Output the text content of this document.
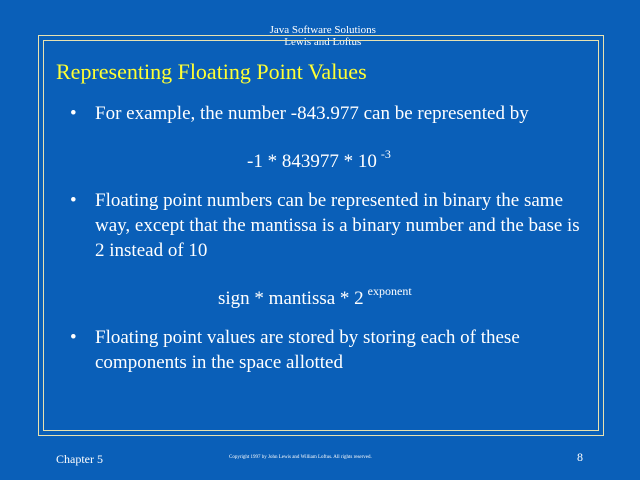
Java Software Solutions
Lewis and Loftus

Representing Floating Point Values
• For example, the number -843.977 can be represented by
-1 * 843977 * 10 $^{-3}$
• Floating point numbers can be represented in binary the same way, except that the mantissa is a binary number and the base is 2 instead of 10
sign * mantissa * 2 $^{exponent}$
• Floating point values are stored by storing each of these components in the space allotted
Chapter 5	Copyright 1997 by John Lewis and William Loftus. All rights reserved.	8
